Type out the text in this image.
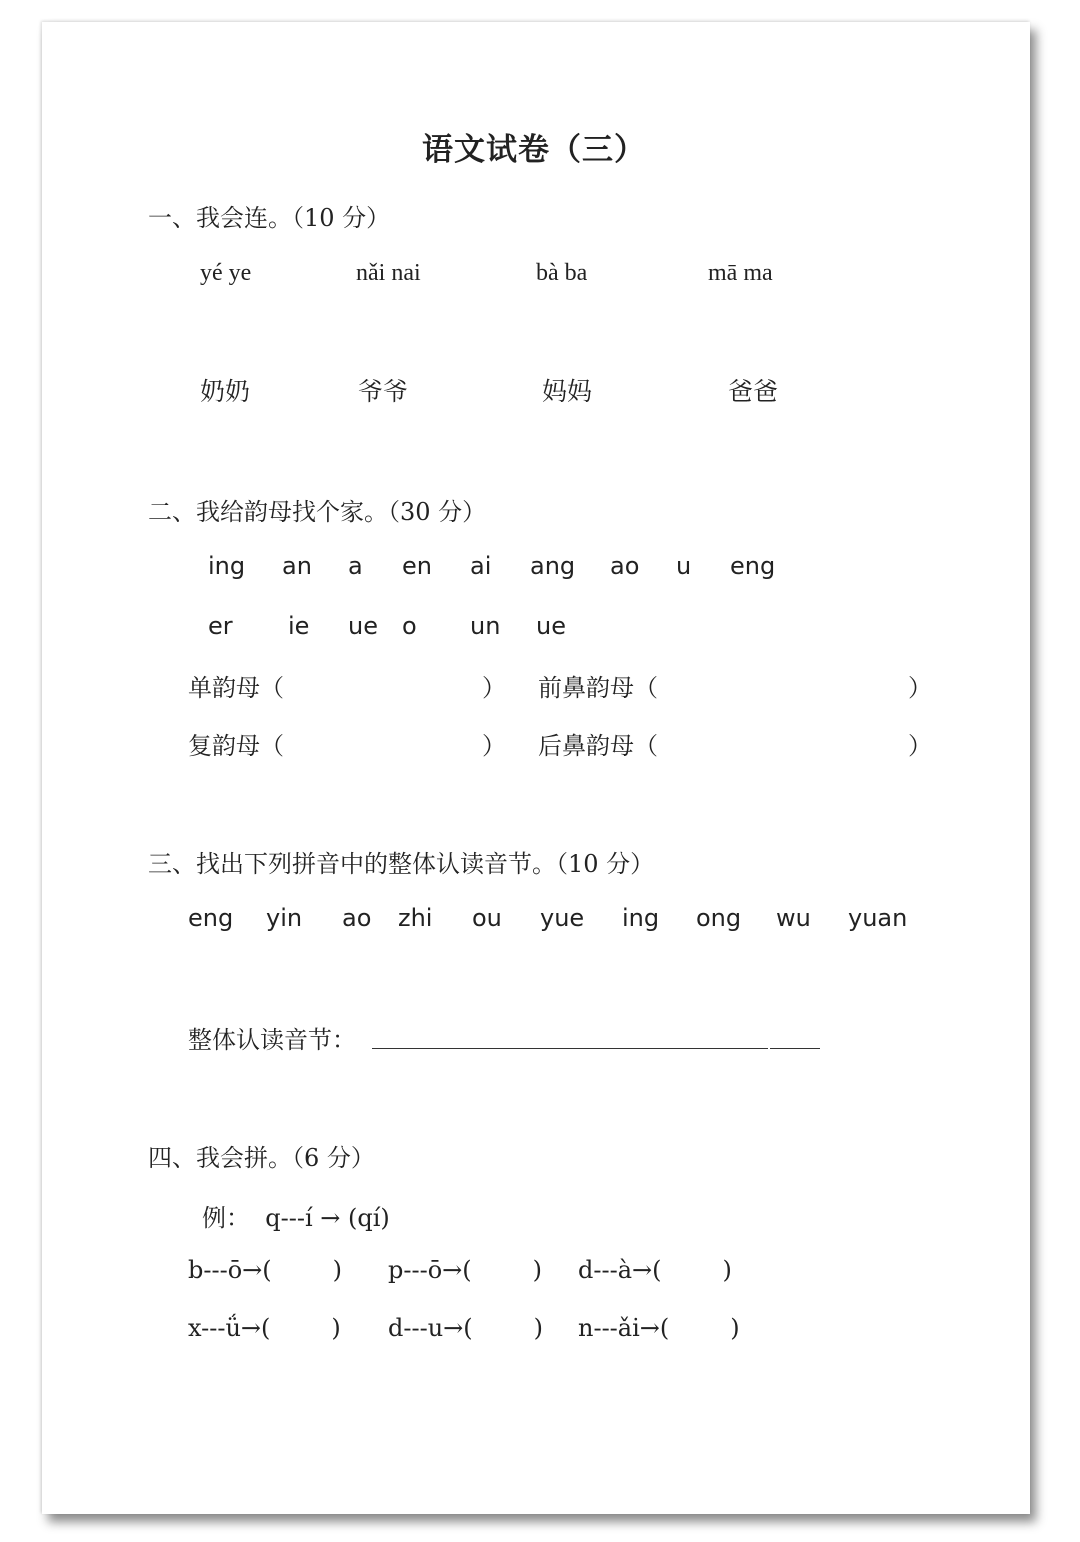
语文试卷（三）
一、我会连。（10 分）
yé ye	nǎi nai	bà ba	mā ma
奶奶	爷爷	妈妈	爸爸
二、我给韵母找个家。（30 分）
ing an a en ai ang ao u eng
er ie ue o un ue
单韵母（	） 前鼻韵母（	）
复韵母（	） 后鼻韵母（	）
三、找出下列拼音中的整体认读音节。（10 分）
eng yin ao zhi ou yue ing ong wu yuan
整体认读音节：
四、我会拼。（6 分）
例：  q---í → (qí)
b---ō→(        ) p---ō→(        ) d---à→(        )
x---ǘ→(        ) d---u→(        ) n---ǎi→(        )
